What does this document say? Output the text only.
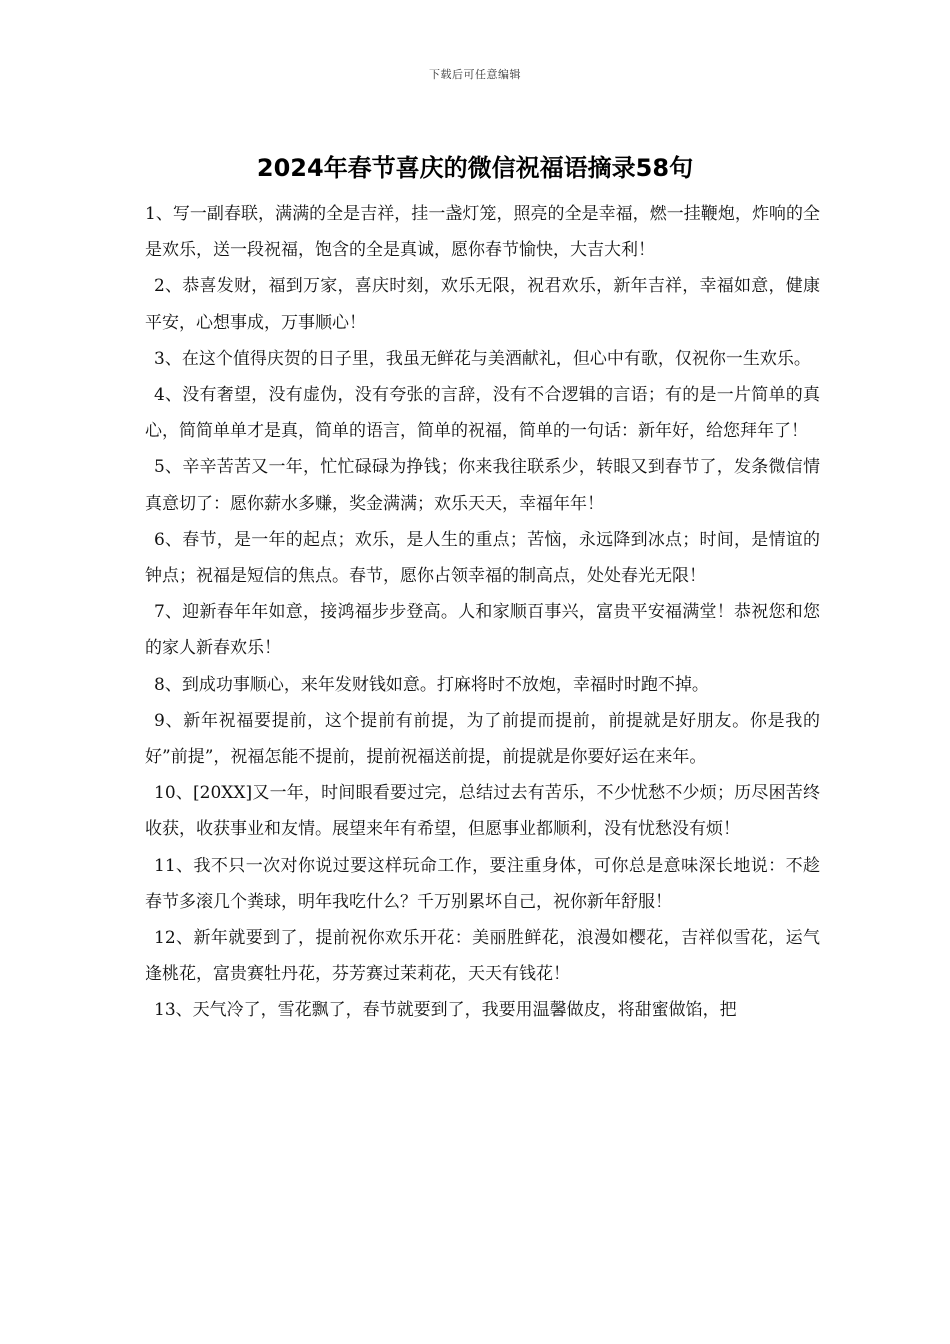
下载后可任意编辑
2024年春节喜庆的微信祝福语摘录58句

1、写一副春联，满满的全是吉祥，挂一盏灯笼，照亮的全是幸福，燃一挂鞭炮，炸响的全是欢乐，送一段祝福，饱含的全是真诚，愿你春节愉快，大吉大利！

2、恭喜发财，福到万家，喜庆时刻，欢乐无限，祝君欢乐，新年吉祥，幸福如意，健康平安，心想事成，万事顺心！

3、在这个值得庆贺的日子里，我虽无鲜花与美酒献礼，但心中有歌，仅祝你一生欢乐。

4、没有奢望，没有虚伪，没有夸张的言辞，没有不合逻辑的言语；有的是一片简单的真心，简简单单才是真，简单的语言，简单的祝福，简单的一句话：新年好，给您拜年了！

5、辛辛苦苦又一年，忙忙碌碌为挣钱；你来我往联系少，转眼又到春节了，发条微信情真意切了：愿你薪水多赚，奖金满满；欢乐天天，幸福年年！

6、春节，是一年的起点；欢乐，是人生的重点；苦恼，永远降到冰点；时间，是情谊的钟点；祝福是短信的焦点。春节，愿你占领幸福的制高点，处处春光无限！

7、迎新春年年如意，接鸿福步步登高。人和家顺百事兴，富贵平安福满堂！恭祝您和您的家人新春欢乐！

8、到成功事顺心，来年发财钱如意。打麻将时不放炮，幸福时时跑不掉。

9、新年祝福要提前，这个提前有前提，为了前提而提前，前提就是好朋友。你是我的好”前提”，祝福怎能不提前，提前祝福送前提，前提就是你要好运在来年。

10、[20XX]又一年，时间眼看要过完，总结过去有苦乐，不少忧愁不少烦；历尽困苦终收获，收获事业和友情。展望来年有希望，但愿事业都顺利，没有忧愁没有烦！

11、我不只一次对你说过要这样玩命工作，要注重身体，可你总是意味深长地说：不趁春节多滚几个粪球，明年我吃什么？千万别累坏自己，祝你新年舒服！

12、新年就要到了，提前祝你欢乐开花：美丽胜鲜花，浪漫如樱花，吉祥似雪花，运气逢桃花，富贵赛牡丹花，芬芳赛过茉莉花，天天有钱花！

13、天气冷了，雪花飘了，春节就要到了，我要用温馨做皮，将甜蜜做馅，把
